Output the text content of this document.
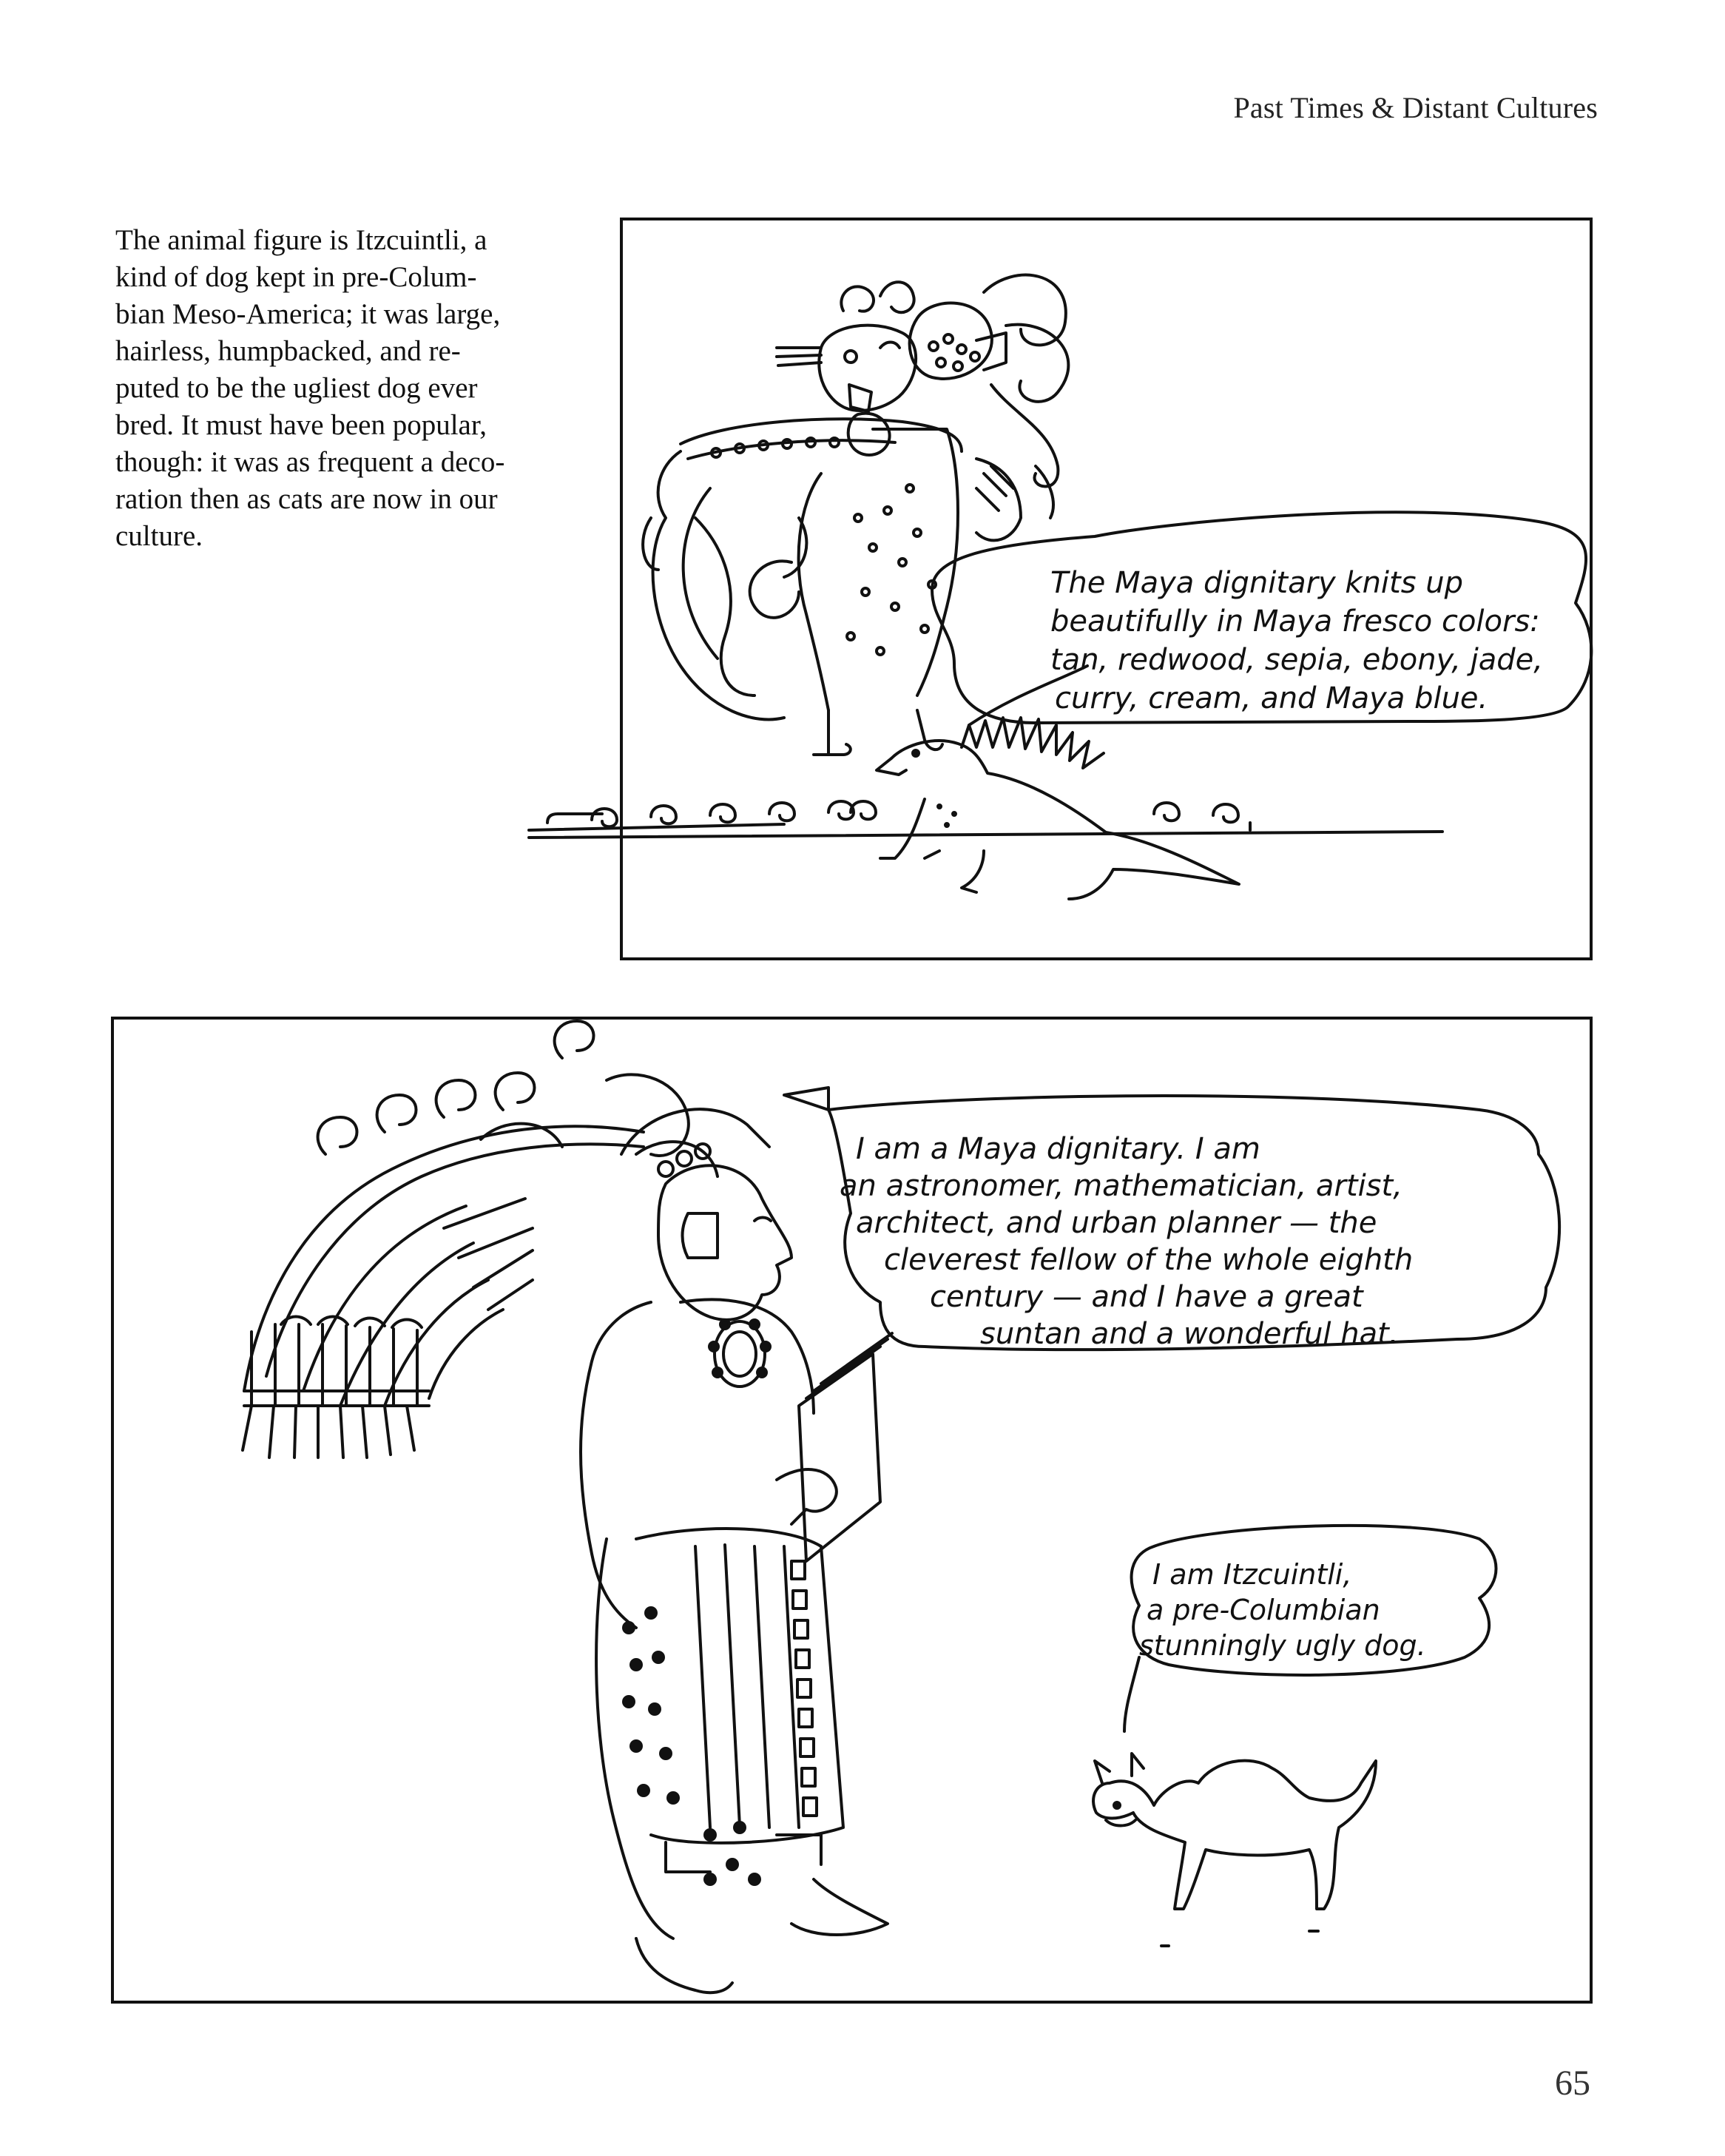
Past Times & Distant Cultures

The animal figure is Itzcuintli, a
kind of dog kept in pre-Colum-
bian Meso-America; it was large,
hairless, humpbacked, and re-
puted to be the ugliest dog ever
bred. It must have been popular,
though: it was as frequent a deco-
ration then as cats are now in our
culture.

The Maya dignitary knits up
beautifully in Maya fresco colors:
tan, redwood, sepia, ebony, jade,
curry, cream, and Maya blue.

I am a Maya dignitary. I am
an astronomer, mathematician, artist,
architect, and urban planner — the
cleverest fellow of the whole eighth
century — and I have a great
suntan and a wonderful hat.

I am Itzcuintli,
a pre-Columbian
stunningly ugly dog.

65
